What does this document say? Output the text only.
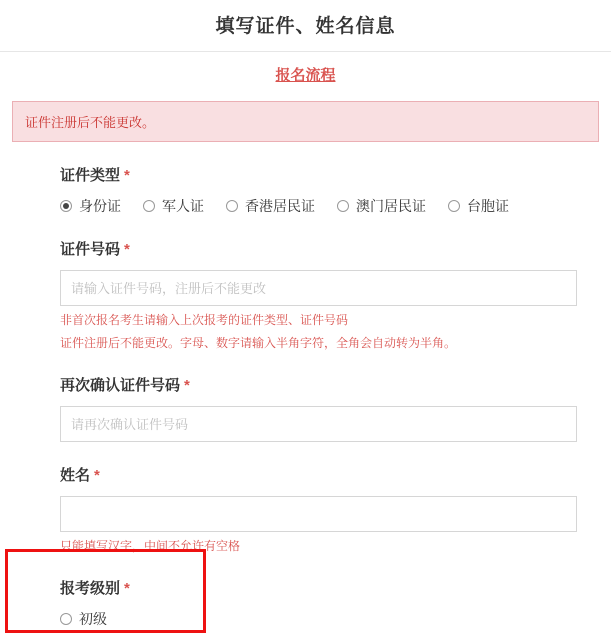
填写证件、姓名信息
报名流程
证件注册后不能更改。
证件类型 *
身份证	军人证	香港居民证	澳门居民证	台胞证
证件号码 *
请输入证件号码，注册后不能更改
非首次报名考生请输入上次报考的证件类型、证件号码
证件注册后不能更改。字母、数字请输入半角字符，全角会自动转为半角。
再次确认证件号码 *
请再次确认证件号码
姓名 *
只能填写汉字，中间不允许有空格
报考级别 *
初级
